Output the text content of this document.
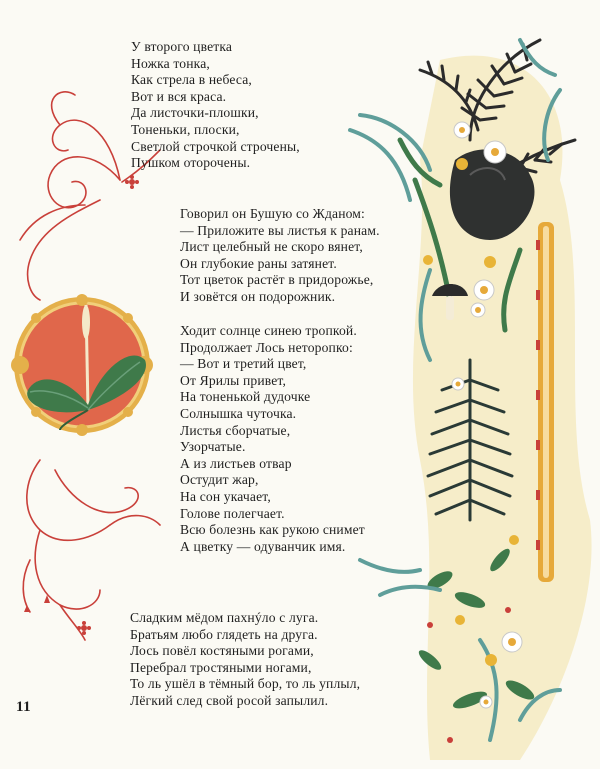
У второго цветка
Ножка тонка,
Как стрела в небеса,
Вот и вся краса.
Да листочки-плошки,
Тоненьки, плоски,
Светлой строчкой строчены,
Пушком оторочены.
Говорил он Бушую со Жданом:
— Приложите вы листья к ранам.
Лист целебный не скоро вянет,
Он глубокие раны затянет.
Тот цветок растёт в придорожье,
И зовётся он подорожник.
Ходит солнце синею тропкой.
Продолжает Лось неторопко:
— Вот и третий цвет,
От Ярилы привет,
На тоненькой дудочке
Солнышка чуточка.
Листья сборчатые,
Узорчатые.
А из листьев отвар
Остудит жар,
На сон укачает,
Голове полегчает.
Всю болезнь как рукою снимет
А цветку — одуванчик имя.
Сладким мёдом пахнýло с луга.
Братьям любо глядеть на друга.
Лось повёл костяными рогами,
Перебрал тростяными ногами,
То ль ушёл в тёмный бор, то ль уплыл,
Лёгкий след свой росой запылил.
11
